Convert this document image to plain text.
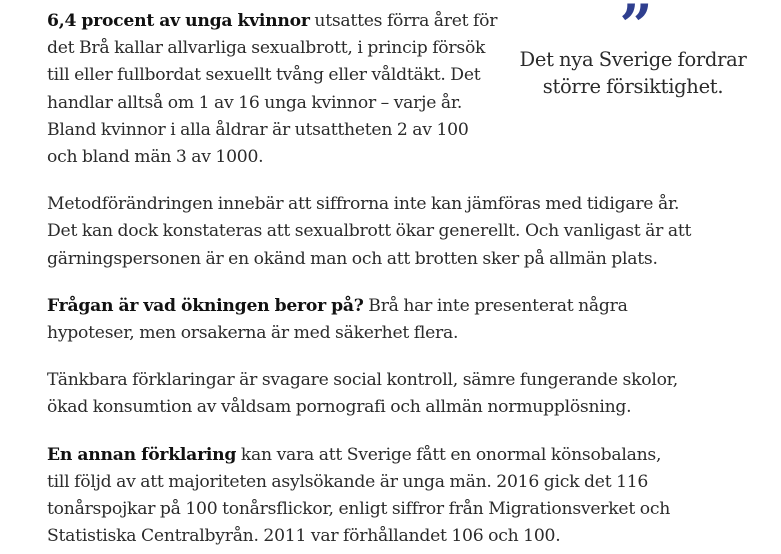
”
Det nya Sverige fordrar
större försiktighet.

6,4 procent av unga kvinnor utsattes förra året för
det Brå kallar allvarliga sexualbrott, i princip försök
till eller fullbordat sexuellt tvång eller våldtäkt. Det
handlar alltså om 1 av 16 unga kvinnor – varje år.
Bland kvinnor i alla åldrar är utsattheten 2 av 100
och bland män 3 av 1000.

Metodförändringen innebär att siffrorna inte kan jämföras med tidigare år.
Det kan dock konstateras att sexualbrott ökar generellt. Och vanligast är att
gärningspersonen är en okänd man och att brotten sker på allmän plats.

Frågan är vad ökningen beror på? Brå har inte presenterat några
hypoteser, men orsakerna är med säkerhet flera.

Tänkbara förklaringar är svagare social kontroll, sämre fungerande skolor,
ökad konsumtion av våldsam pornografi och allmän normupplösning.

En annan förklaring kan vara att Sverige fått en onormal könsobalans,
till följd av att majoriteten asylsökande är unga män. 2016 gick det 116
tonårspojkar på 100 tonårsflickor, enligt siffror från Migrationsverket och
Statistiska Centralbyrån. 2011 var förhållandet 106 och 100.
